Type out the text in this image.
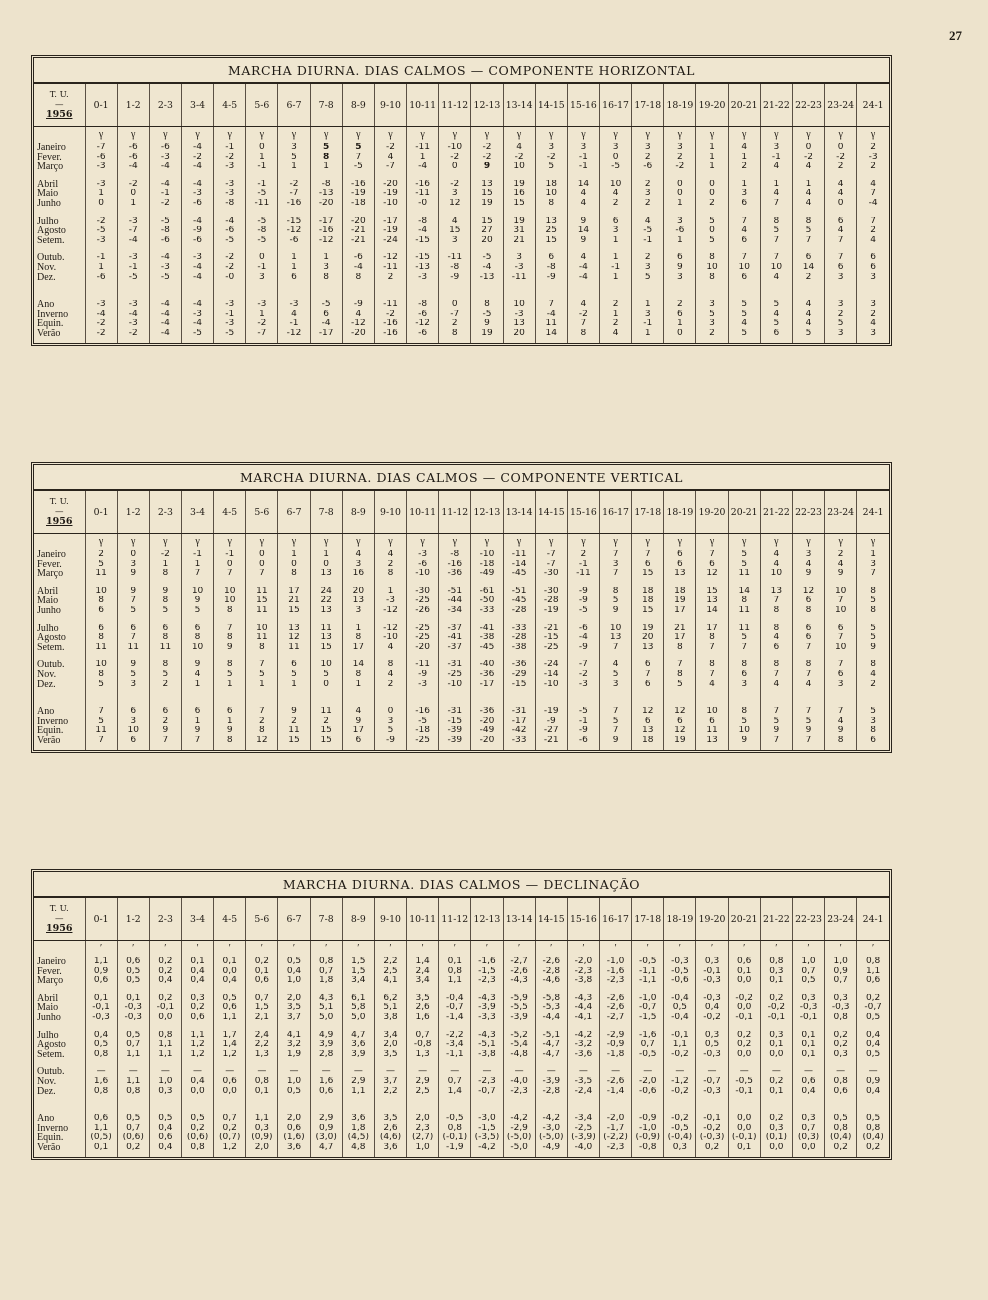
27
MARCHA DIURNA. DIAS CALMOS — COMPONENTE HORIZONTAL
T. U.
—
1956	0-1	1-2	2-3	3-4	4-5	5-6	6-7	7-8	8-9	9-10	10-11	11-12	12-13	13-14	14-15	15-16	16-17	17-18	18-19	19-20	20-21	21-22	22-23	23-24	24-1
	γ	γ	γ	γ	γ	γ	γ	γ	γ	γ	γ	γ	γ	γ	γ	γ	γ	γ	γ	γ	γ	γ	γ	γ	γ
Janeiro	-7	-6	-6	-4	-1	0	3	5	5	-2	-11	-10	-2	4	3	3	3	3	3	1	4	3	0	0	2
Fever.	-6	-6	-3	-2	-2	1	5	8	7	4	1	-2	-2	-2	-2	-1	0	2	2	1	1	-1	-2	-2	-3
Março	-3	-4	-4	-4	-3	-1	1	1	-5	-7	-4	0	9	10	5	-1	-5	-6	-2	1	2	4	4	2	2

Abril	-3	-2	-4	-4	-3	-1	-2	-8	-16	-20	-16	-2	13	19	18	14	10	2	0	0	1	1	1	4	4
Maio	1	0	-1	-3	-3	-5	-7	-13	-19	-19	-11	3	15	16	10	4	4	3	0	0	3	4	4	4	7
Junho	0	1	-2	-6	-8	-11	-16	-20	-18	-10	-0	12	19	15	8	4	2	2	1	2	6	7	4	0	-4

Julho	-2	-3	-5	-4	-4	-5	-15	-17	-20	-17	-8	4	15	19	13	9	6	4	3	5	7	8	8	6	7
Agosto	-5	-7	-8	-9	-6	-8	-12	-16	-21	-19	-4	15	27	31	25	14	3	-5	-6	0	4	5	5	4	2
Setem.	-3	-4	-6	-6	-5	-5	-6	-12	-21	-24	-15	3	20	21	15	9	1	-1	1	5	6	7	7	7	4

Outub.	-1	-3	-4	-3	-2	0	1	1	-6	-12	-15	-11	-5	3	6	4	1	2	6	8	7	7	6	7	6
Nov.	1	-1	-3	-4	-2	-1	1	3	-4	-11	-13	-8	-4	-3	-8	-4	-1	3	9	10	10	10	14	6	6
Dez.	-6	-5	-5	-4	-0	3	6	8	8	2	-3	-9	-13	-11	-9	-4	1	5	3	8	6	4	2	3	3

Ano	-3	-3	-4	-4	-3	-3	-3	-5	-9	-11	-8	0	8	10	7	4	2	1	2	3	5	5	4	3	3
Inverno	-4	-4	-4	-3	-1	1	4	6	4	-2	-6	-7	-5	-3	-4	-2	1	3	6	5	5	4	4	2	2
Equin.	-2	-3	-4	-4	-3	-2	-1	-4	-12	-16	-12	2	9	13	11	7	2	-1	1	3	4	5	4	5	4
Verão	-2	-2	-4	-5	-5	-7	-12	-17	-20	-16	-6	8	19	20	14	8	4	1	0	2	5	6	5	3	3
MARCHA DIURNA. DIAS CALMOS — COMPONENTE VERTICAL
T. U.
—
1956	0-1	1-2	2-3	3-4	4-5	5-6	6-7	7-8	8-9	9-10	10-11	11-12	12-13	13-14	14-15	15-16	16-17	17-18	18-19	19-20	20-21	21-22	22-23	23-24	24-1
	γ	γ	γ	γ	γ	γ	γ	γ	γ	γ	γ	γ	γ	γ	γ	γ	γ	γ	γ	γ	γ	γ	γ	γ	γ
Janeiro	2	0	-2	-1	-1	0	1	1	4	4	-3	-8	-10	-11	-7	2	7	7	6	7	5	4	3	2	1
Fever.	5	3	1	1	0	0	0	0	3	2	-6	-16	-18	-14	-7	-1	3	6	6	6	5	4	4	4	3
Março	11	9	8	7	7	7	8	13	16	8	-10	-36	-49	-45	-30	-11	7	15	13	12	11	10	9	9	7

Abril	10	9	9	10	10	11	17	24	20	1	-30	-51	-61	-51	-30	-9	8	18	18	15	14	13	12	10	8
Maio	8	7	8	9	10	15	21	22	13	-3	-25	-44	-50	-45	-28	-9	5	18	19	13	8	7	6	7	5
Junho	6	5	5	5	8	11	15	13	3	-12	-26	-34	-33	-28	-19	-5	9	15	17	14	11	8	8	10	8

Julho	6	6	6	6	7	10	13	11	1	-12	-25	-37	-41	-33	-21	-6	10	19	21	17	11	8	6	6	5
Agosto	8	7	8	8	8	11	12	13	8	-10	-25	-41	-38	-28	-15	-4	13	20	17	8	5	4	6	7	5
Setem.	11	11	11	10	9	8	11	15	17	4	-20	-37	-45	-38	-25	-9	7	13	8	7	7	6	7	10	9

Outub.	10	9	8	9	8	7	6	10	14	8	-11	-31	-40	-36	-24	-7	4	6	7	8	8	8	8	7	8
Nov.	8	5	5	4	5	5	5	5	8	4	-9	-25	-36	-29	-14	-2	5	7	8	7	6	7	7	6	4
Dez.	5	3	2	1	1	1	1	0	1	2	-3	-10	-17	-15	-10	-3	3	6	5	4	3	4	4	3	2

Ano	7	6	6	6	6	7	9	11	4	0	-16	-31	-36	-31	-19	-5	7	12	12	10	8	7	7	7	5
Inverno	5	3	2	1	1	2	2	2	9	3	-5	-15	-20	-17	-9	-1	5	6	6	6	5	5	5	4	3
Equin.	11	10	9	9	9	8	11	15	17	5	-18	-39	-49	-42	-27	-9	7	13	12	11	10	9	9	9	8
Verão	7	6	7	7	8	12	15	15	6	-9	-25	-39	-20	-33	-21	-6	9	18	19	13	9	7	7	8	6
MARCHA DIURNA. DIAS CALMOS — DECLINAÇÃO
T. U.
—
1956	0-1	1-2	2-3	3-4	4-5	5-6	6-7	7-8	8-9	9-10	10-11	11-12	12-13	13-14	14-15	15-16	16-17	17-18	18-19	19-20	20-21	21-22	22-23	23-24	24-1
	′	′	′	′	′	′	′	′	′	′	′	′	′	′	′	′	′	′	′	′	′	′	′	′	′
Janeiro	1,1	0,6	0,2	0,1	0,1	0,2	0,5	0,8	1,5	2,2	1,4	0,1	-1,6	-2,7	-2,6	-2,0	-1,0	-0,5	-0,3	0,3	0,6	0,8	1,0	1,0	0,8
Fever.	0,9	0,5	0,2	0,4	0,0	0,1	0,4	0,7	1,5	2,5	2,4	0,8	-1,5	-2,6	-2,8	-2,3	-1,6	-1,1	-0,5	-0,1	0,1	0,3	0,7	0,9	1,1
Março	0,6	0,5	0,4	0,4	0,4	0,6	1,0	1,8	3,4	4,1	3,4	1,1	-2,3	-4,3	-4,6	-3,8	-2,3	-1,1	-0,6	-0,3	0,0	0,1	0,5	0,7	0,6

Abril	0,1	0,1	0,2	0,3	0,5	0,7	2,0	4,3	6,1	6,2	3,5	-0,4	-4,3	-5,9	-5,8	-4,3	-2,6	-1,0	-0,4	-0,3	-0,2	0,2	0,3	0,3	0,2
Maio	-0,1	-0,3	-0,1	0,2	0,6	1,5	3,5	5,1	5,8	5,1	2,6	-0,7	-3,9	-5,5	-5,3	-4,4	-2,6	-0,7	0,5	0,4	0,0	-0,2	-0,3	-0,3	-0,7
Junho	-0,3	-0,3	0,0	0,6	1,1	2,1	3,7	5,0	5,0	3,8	1,6	-1,4	-3,3	-3,9	-4,4	-4,1	-2,7	-1,5	-0,4	-0,2	-0,1	-0,1	-0,1	0,8	0,5

Julho	0,4	0,5	0,8	1,1	1,7	2,4	4,1	4,9	4,7	3,4	0,7	-2,2	-4,3	-5,2	-5,1	-4,2	-2,9	-1,6	-0,1	0,3	0,2	0,3	0,1	0,2	0,4
Agosto	0,5	0,7	1,1	1,2	1,4	2,2	3,2	3,9	3,6	2,0	-0,8	-3,4	-5,1	-5,4	-4,7	-3,2	-0,9	0,7	1,1	0,5	0,2	0,1	0,1	0,2	0,4
Setem.	0,8	1,1	1,1	1,2	1,2	1,3	1,9	2,8	3,9	3,5	1,3	-1,1	-3,8	-4,8	-4,7	-3,6	-1,8	-0,5	-0,2	-0,3	0,0	0,0	0,1	0,3	0,5

Outub.	—	—	—	—	—	—	—	—	—	—	—	—	—	—	—	—	—	—	—	—	—	—	—	—	—
Nov.	1,6	1,1	1,0	0,4	0,6	0,8	1,0	1,6	2,9	3,7	2,9	0,7	-2,3	-4,0	-3,9	-3,5	-2,6	-2,0	-1,2	-0,7	-0,5	0,2	0,6	0,8	0,9
Dez.	0,8	0,8	0,3	0,0	0,0	0,1	0,5	0,6	1,1	2,2	2,5	1,4	-0,7	-2,3	-2,8	-2,4	-1,4	-0,6	-0,2	-0,3	-0,1	0,1	0,4	0,6	0,4

Ano	0,6	0,5	0,5	0,5	0,7	1,1	2,0	2,9	3,6	3,5	2,0	-0,5	-3,0	-4,2	-4,2	-3,4	-2,0	-0,9	-0,2	-0,1	0,0	0,2	0,3	0,5	0,5
Inverno	1,1	0,7	0,4	0,2	0,2	0,3	0,6	0,9	1,8	2,6	2,3	0,8	-1,5	-2,9	-3,0	-2,5	-1,7	-1,0	-0,5	-0,2	0,0	0,3	0,7	0,8	0,8
Equin.	(0,5)	(0,6)	0,6	(0,6)	(0,7)	(0,9)	(1,6)	(3,0)	(4,5)	(4,6)	(2,7)	(-0,1)	(-3,5)	(-5,0)	(-5,0)	(-3,9)	(-2,2)	(-0,9)	(-0,4)	(-0,3)	(-0,1)	(0,1)	(0,3)	(0,4)	(0,4)
Verão	0,1	0,2	0,4	0,8	1,2	2,0	3,6	4,7	4,8	3,6	1,0	-1,9	-4,2	-5,0	-4,9	-4,0	-2,3	-0,8	0,3	0,2	0,1	0,0	0,0	0,2	0,2
